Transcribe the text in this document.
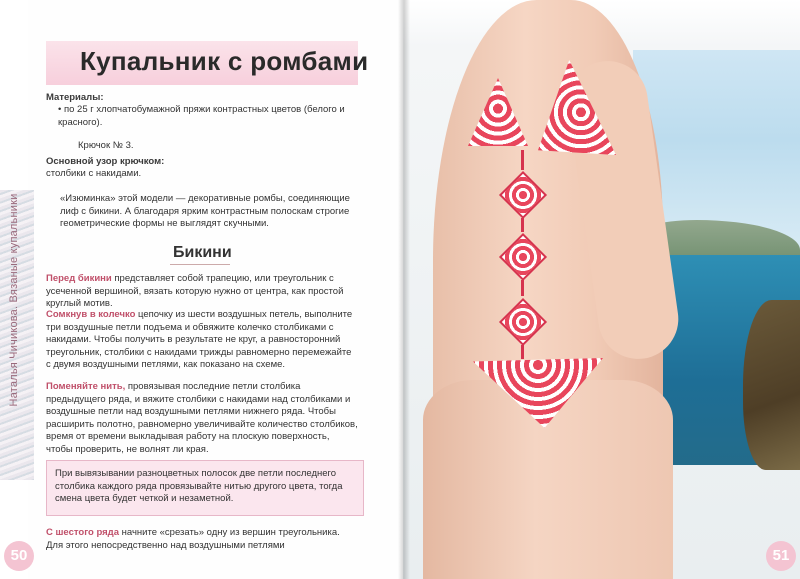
Наталья Чичикова. Вязаные купальники
Купальник с ромбами
Материалы:
• по 25 г хлопчатобумажной пряжи контрастных цветов (белого и красного).
Крючок № 3.
Основной узор крючком:
столбики с накидами.
«Изюминка» этой модели — декоративные ромбы, соединяющие лиф с бикини. А благодаря ярким контрастным полоскам строгие геометрические формы не выглядят скучными.
Бикини
Перед бикини представляет собой трапецию, или треугольник с усеченной вершиной, вязать которую нужно от центра, как простой круглый мотив.
Сомкнув в колечко цепочку из шести воздушных петель, выполните три воздушные петли подъема и обвяжите колечко столбиками с накидами. Чтобы получить в результате не круг, а равносторонний треугольник, столбики с накидами трижды равномерно перемежайте с двумя воздушными петлями, как показано на схеме.
Поменяйте нить, провязывая последние петли столбика предыдущего ряда, и вяжите столбики с накидами над столбиками и воздушные петли над воздушными петлями нижнего ряда. Чтобы расширить полотно, равномерно увеличивайте количество столбиков, время от времени выкладывая работу на плоскую поверхность, чтобы проверить, не волнят ли края.
При вывязывании разноцветных полосок две петли последнего столбика каждого ряда провязывайте нитью другого цвета, тогда смена цвета будет четкой и незаметной.
С шестого ряда начните «срезать» одну из вершин треугольника. Для этого непосредственно над воздушными петлями
50	51
